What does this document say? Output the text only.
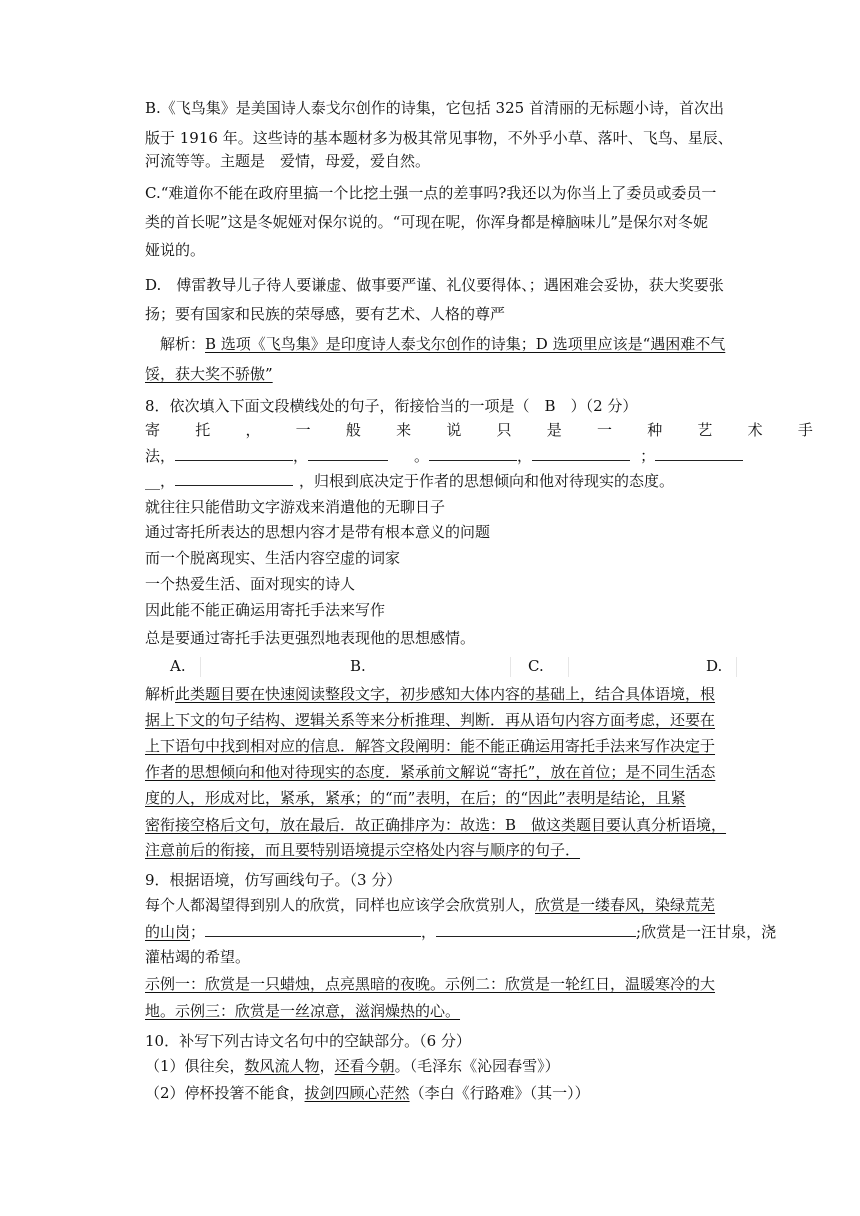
B.《飞鸟集》是美国诗人泰戈尔创作的诗集，它包括 325 首清丽的无标题小诗，首次出
版于 1916 年。这些诗的基本题材多为极其常见事物，不外乎小草、落叶、飞鸟、星辰、
河流等等。主题是　爱情，母爱，爱自然。
C.“难道你不能在政府里搞一个比挖土强一点的差事吗?我还以为你当上了委员或委员一
类的首长呢”这是冬妮娅对保尔说的。“可现在呢，你浑身都是樟脑味儿”是保尔对冬妮
娅说的。
D.　傅雷教导儿子待人要谦虚、做事要严谨、礼仪要得体、；遇困难会妥协，获大奖要张
扬；要有国家和民族的荣辱感，要有艺术、人格的尊严
解析：B 选项《飞鸟集》是印度诗人泰戈尔创作的诗集；D 选项里应该是“遇困难不气
馁，获大奖不骄傲”
8．依次填入下面文段横线处的句子，衔接恰当的一项是（　B　）（2 分）
寄 托 ， 一 般 来 说 只 是 一 种 艺 术 手
法，	，	。	，	；
__，	，归根到底决定于作者的思想倾向和他对待现实的态度。
就往往只能借助文字游戏来消遣他的无聊日子
通过寄托所表达的思想内容才是带有根本意义的问题
而一个脱离现实、生活内容空虚的词家
一个热爱生活、面对现实的诗人
因此能不能正确运用寄托手法来写作
总是要通过寄托手法更强烈地表现他的思想感情。
A.	B.	C.	D.
解析此类题目要在快速阅读整段文字，初步感知大体内容的基础上，结合具体语境，根
据上下文的句子结构、逻辑关系等来分析推理、判断．再从语句内容方面考虑，还要在
上下语句中找到相对应的信息．解答文段阐明：能不能正确运用寄托手法来写作决定于
作者的思想倾向和他对待现实的态度．紧承前文解说“寄托”，放在首位；是不同生活态
度的人，形成对比，紧承，紧承；的“而”表明，在后；的“因此”表明是结论，且紧
密衔接空格后文句，放在最后．故正确排序为：故选：B　做这类题目要认真分析语境，
注意前后的衔接，而且要特别语境提示空格处内容与顺序的句子．
9．根据语境，仿写画线句子。（3 分）
每个人都渴望得到别人的欣赏，同样也应该学会欣赏别人，欣赏是一缕春风，染绿荒芜
的山岗；	，	;欣赏是一汪甘泉，浇
灌枯竭的希望。
示例一：欣赏是一只蜡烛，点亮黑暗的夜晚。示例二：欣赏是一轮红日，温暖寒冷的大
地。示例三：欣赏是一丝凉意，滋润燥热的心。
10．补写下列古诗文名句中的空缺部分。（6 分）
（1）俱往矣，数风流人物，还看今朝。（毛泽东《沁园春雪》）
（2）停杯投箸不能食，拔剑四顾心茫然（李白《行路难》（其一））
